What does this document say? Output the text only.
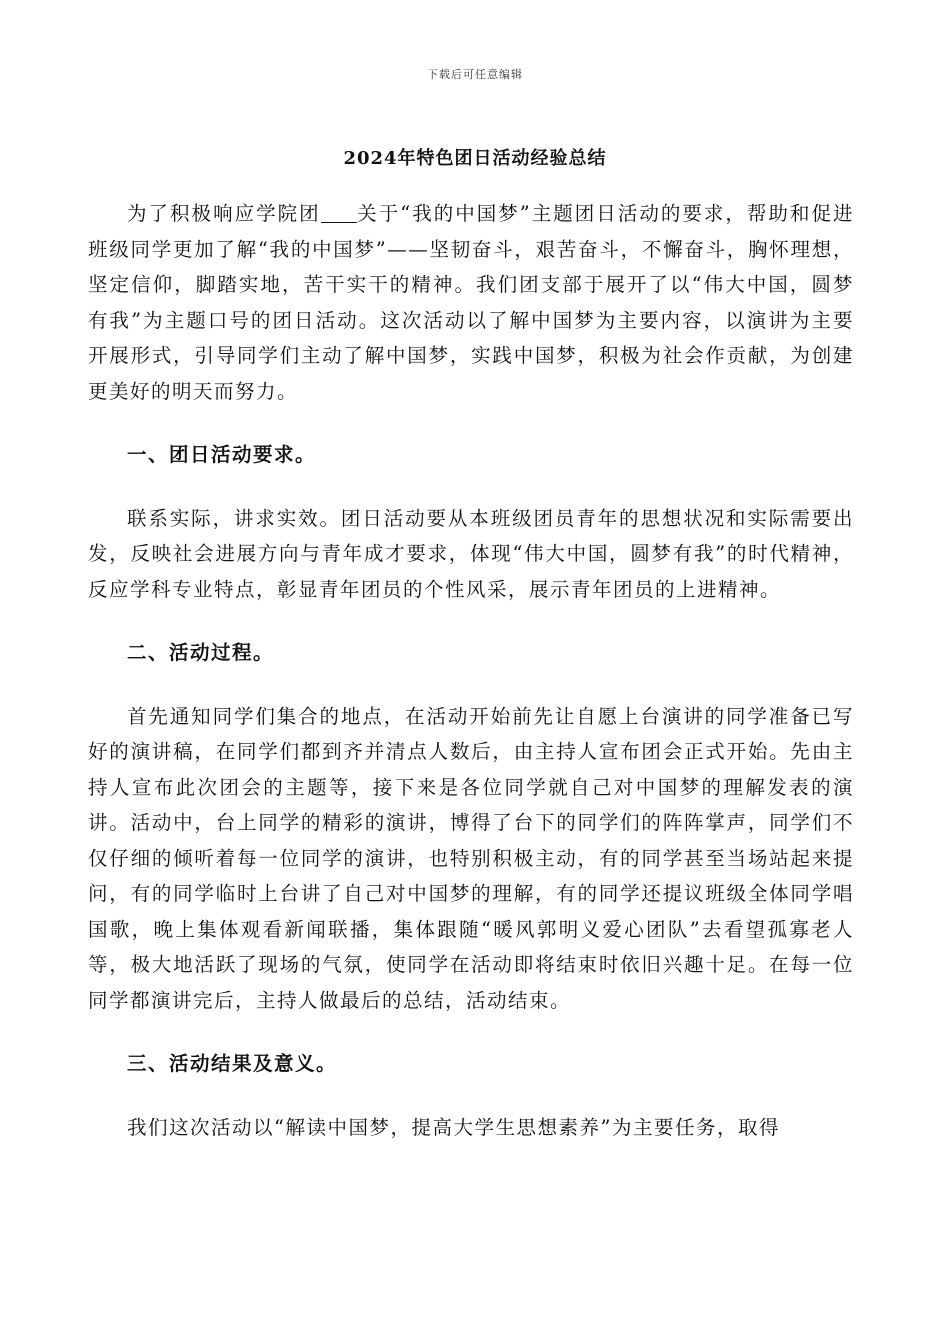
下载后可任意编辑
2024年特色团日活动经验总结

为了积极响应学院团 关于“我的中国梦”主题团日活动的要求，帮助和促进班级同学更加了解“我的中国梦”——坚韧奋斗，艰苦奋斗，不懈奋斗，胸怀理想，坚定信仰，脚踏实地，苦干实干的精神。我们团支部于展开了以“伟大中国，圆梦有我”为主题口号的团日活动。这次活动以了解中国梦为主要内容，以演讲为主要开展形式，引导同学们主动了解中国梦，实践中国梦，积极为社会作贡献，为创建更美好的明天而努力。

一、团日活动要求。

联系实际，讲求实效。团日活动要从本班级团员青年的思想状况和实际需要出发，反映社会进展方向与青年成才要求，体现“伟大中国，圆梦有我”的时代精神，反应学科专业特点，彰显青年团员的个性风采，展示青年团员的上进精神。

二、活动过程。

首先通知同学们集合的地点，在活动开始前先让自愿上台演讲的同学准备已写好的演讲稿，在同学们都到齐并清点人数后，由主持人宣布团会正式开始。先由主持人宣布此次团会的主题等，接下来是各位同学就自己对中国梦的理解发表的演讲。活动中，台上同学的精彩的演讲，博得了台下的同学们的阵阵掌声，同学们不仅仔细的倾听着每一位同学的演讲，也特别积极主动，有的同学甚至当场站起来提问，有的同学临时上台讲了自己对中国梦的理解，有的同学还提议班级全体同学唱国歌，晚上集体观看新闻联播，集体跟随“暖风郭明义爱心团队”去看望孤寡老人等，极大地活跃了现场的气氛，使同学在活动即将结束时依旧兴趣十足。在每一位同学都演讲完后，主持人做最后的总结，活动结束。

三、活动结果及意义。

我们这次活动以“解读中国梦，提高大学生思想素养”为主要任务，取得
